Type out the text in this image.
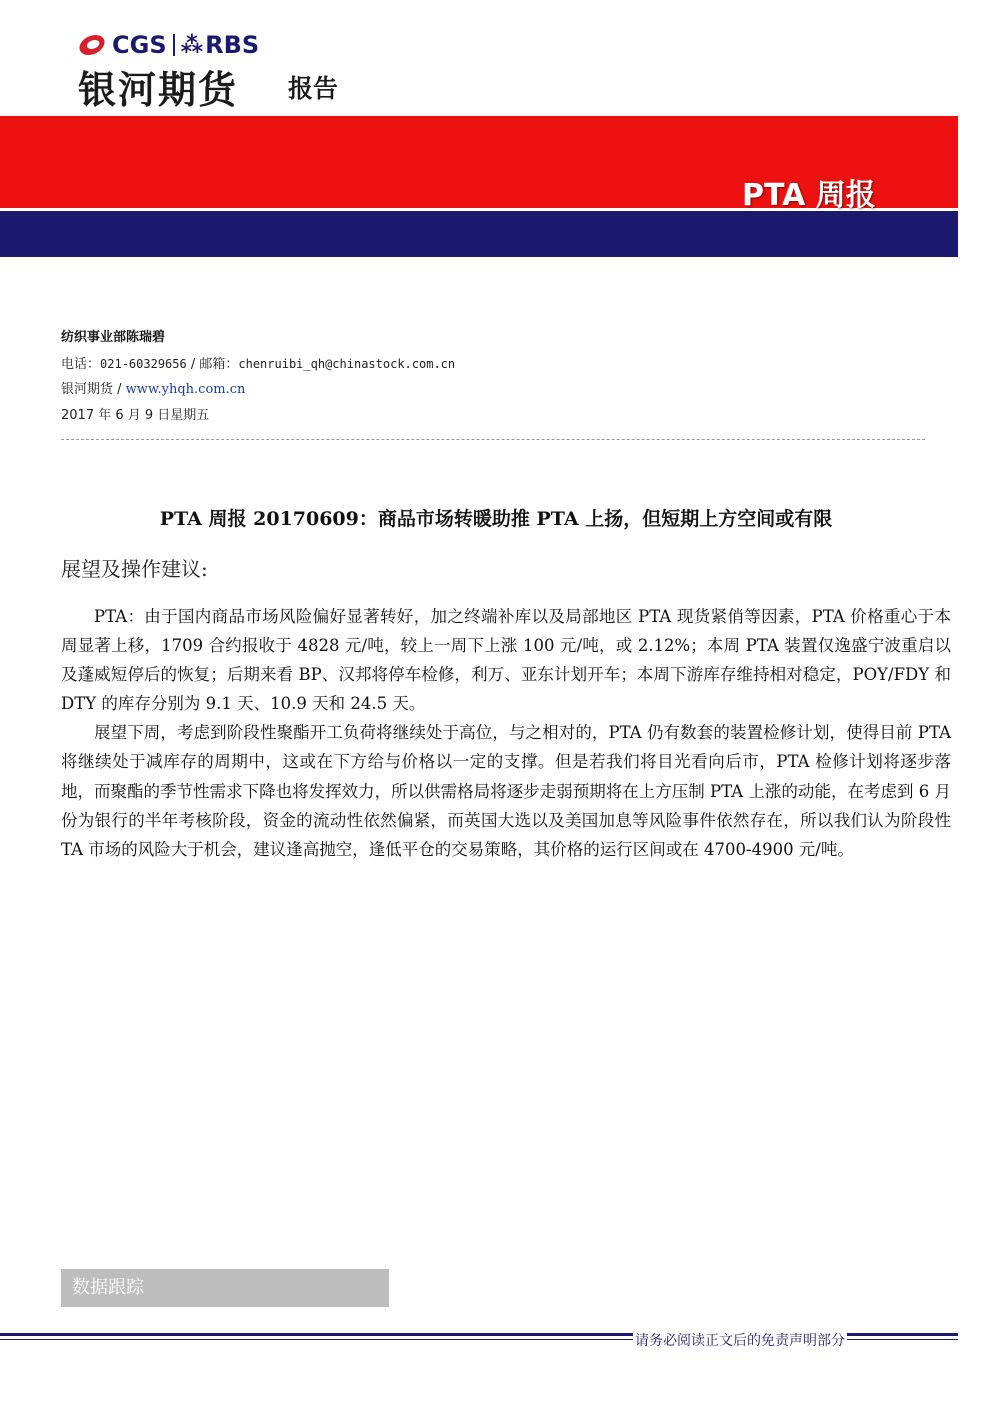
CGS ⁂ RBS
银河期货 报告
PTA 周报
纺织事业部陈瑞碧
电话：021-60329656 / 邮箱：chenruibi_qh@chinastock.com.cn
银河期货 / www.yhqh.com.cn
2017 年 6 月 9 日星期五
PTA 周报 20170609：商品市场转暖助推 PTA 上扬，但短期上方空间或有限
展望及操作建议:

PTA：由于国内商品市场风险偏好显著转好，加之终端补库以及局部地区 PTA 现货紧俏等因素，PTA 价格重心于本周显著上移，1709 合约报收于 4828 元/吨，较上一周下上涨 100 元/吨，或 2.12%；本周 PTA 装置仅逸盛宁波重启以及蓬威短停后的恢复；后期来看 BP、汉邦将停车检修，利万、亚东计划开车；本周下游库存维持相对稳定，POY/FDY 和 DTY 的库存分别为 9.1 天、10.9 天和 24.5 天。

展望下周，考虑到阶段性聚酯开工负荷将继续处于高位，与之相对的，PTA 仍有数套的装置检修计划，使得目前 PTA 将继续处于减库存的周期中，这或在下方给与价格以一定的支撑。但是若我们将目光看向后市，PTA 检修计划将逐步落地，而聚酯的季节性需求下降也将发挥效力，所以供需格局将逐步走弱预期将在上方压制 PTA 上涨的动能，在考虑到 6 月份为银行的半年考核阶段，资金的流动性依然偏紧，而英国大选以及美国加息等风险事件依然存在，所以我们认为阶段性 TA 市场的风险大于机会，建议逢高抛空，逢低平仓的交易策略，其价格的运行区间或在 4700-4900 元/吨。

数据跟踪
请务必阅读正文后的免责声明部分
